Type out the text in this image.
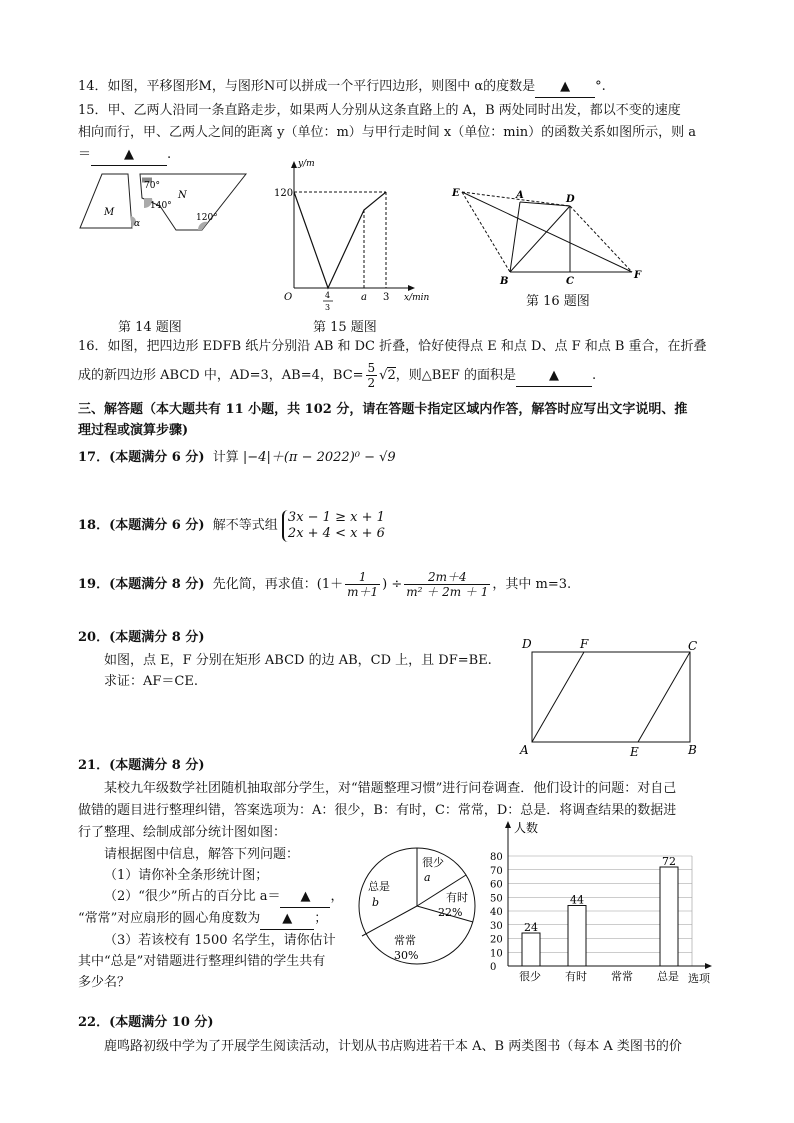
14．如图，平移图形M，与图形N可以拼成一个平行四边形，则图中 α的度数是 ▲ °.
15．甲、乙两人沿同一条直路走步，如果两人分别从这条直路上的 A，B 两处同时出发，都以不变的速度
相向而行，甲、乙两人之间的距离 y（单位：m）与甲行走时间 x（单位：min）的函数关系如图所示，则 a
＝	▲	.
M
N
α
70°
140°
120°
第 14 题图
y/m
x/min
120
O	4
3
a 3
第 15 题图
E	A	D
B	C
F
第 16 题图
16．如图，把四边形 EDFB 纸片分别沿 AB 和 DC 折叠，恰好使得点 E 和点 D、点 F 和点 B 重合，在折叠
成的新四边形 ABCD 中，AD=3，AB=4，$BC= \frac{5}{2} √2$，则△BEF 的面积是	▲	.
三、解答题（本大题共有 11 小题，共 102 分，请在答题卡指定区域内作答，解答时应写出文字说明、推
理过程或演算步骤)
17．(本题满分 6 分) 计算 |−4|＋(π − 2022)⁰ − √9
18．(本题满分 6 分) 解不等式组
3x − 1 ≥ x + 1
2x + 4 < x + 6
19．(本题满分 8 分) 先化简，再求值：($1+ \frac{1}{m+1}$ ) ÷ $\frac{2m+4}{\text{m² ＋ 2m ＋ 1}}$ ，其中 m=3.
20．(本题满分 8 分)
如图，点 E，F 分别在矩形 ABCD 的边 AB，CD 上，且 DF=BE.
求证：AF＝CE.
D	F	C
A	E	B
21．(本题满分 8 分)
某校九年级数学社团随机抽取部分学生，对“错题整理习惯”进行问卷调查．他们设计的问题：对自己
做错的题目进行整理纠错，答案选项为：A：很少，B：有时，C：常常，D：总是．将调查结果的数据进
行了整理、绘制成部分统计图如图：
请根据图中信息，解答下列问题：
（1）请你补全条形统计图；
（2）“很少”所占的百分比 a＝ ▲ ，
“常常”对应扇形的圆心角度数为 ▲ ；
（3）若该校有 1500 名学生，请你估计
其中“总是”对错题进行整理纠错的学生共有
多少名？
很少
a
有时
22%
常常
30%
总是
b
0
10
20
30
40
50
60
70
80
24
很少
44
有时 常常
72
总是
人数
选项
22．(本题满分 10 分)
鹿鸣路初级中学为了开展学生阅读活动，计划从书店购进若干本 A、B 两类图书（每本 A 类图书的价
